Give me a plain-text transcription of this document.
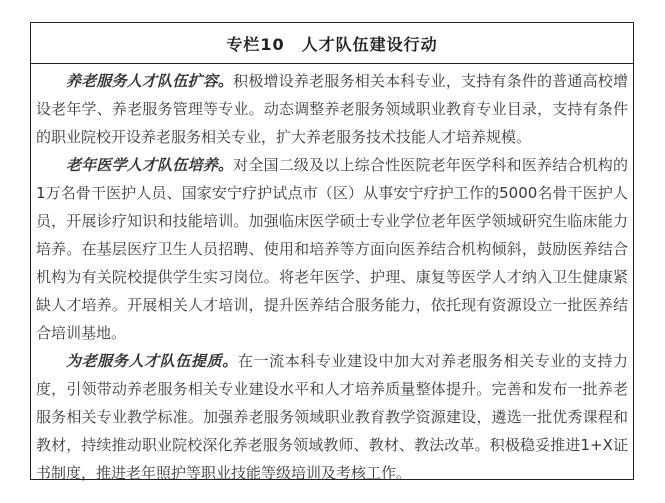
专栏10　人才队伍建设行动

养老服务人才队伍扩容。积极增设养老服务相关本科专业，支持有条件的普通高校增设老年学、养老服务管理等专业。动态调整养老服务领域职业教育专业目录，支持有条件的职业院校开设养老服务相关专业，扩大养老服务技术技能人才培养规模。

老年医学人才队伍培养。对全国二级及以上综合性医院老年医学科和医养结合机构的1万名骨干医护人员、国家安宁疗护试点市（区）从事安宁疗护工作的5000名骨干医护人员，开展诊疗知识和技能培训。加强临床医学硕士专业学位老年医学领域研究生临床能力培养。在基层医疗卫生人员招聘、使用和培养等方面向医养结合机构倾斜，鼓励医养结合机构为有关院校提供学生实习岗位。将老年医学、护理、康复等医学人才纳入卫生健康紧缺人才培养。开展相关人才培训，提升医养结合服务能力，依托现有资源设立一批医养结合培训基地。

为老服务人才队伍提质。在一流本科专业建设中加大对养老服务相关专业的支持力度，引领带动养老服务相关专业建设水平和人才培养质量整体提升。完善和发布一批养老服务相关专业教学标准。加强养老服务领域职业教育教学资源建设，遴选一批优秀课程和教材，持续推动职业院校深化养老服务领域教师、教材、教法改革。积极稳妥推进1+X证书制度，推进老年照护等职业技能等级培训及考核工作。
